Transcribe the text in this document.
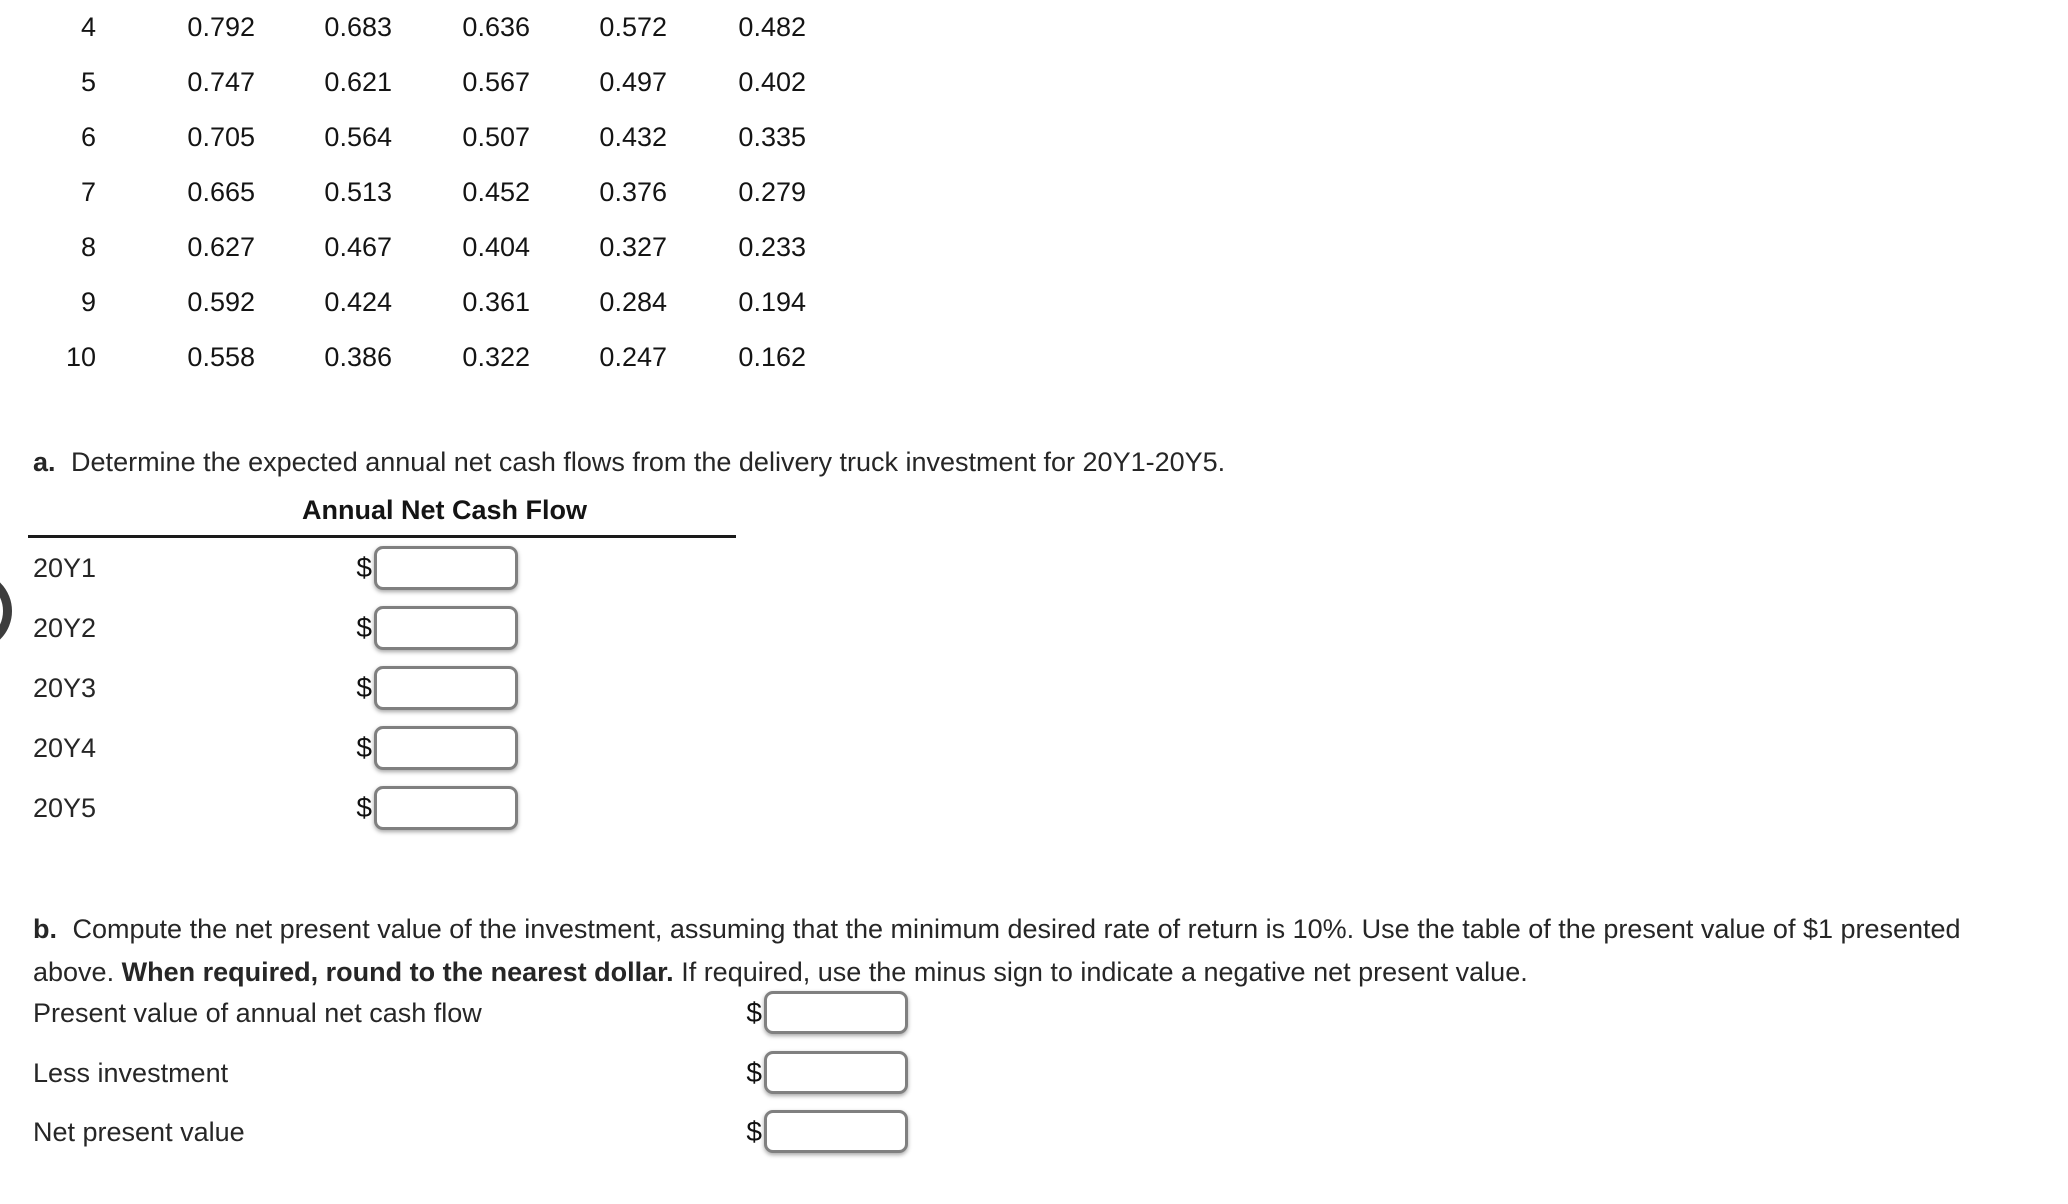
4	0.792	0.683	0.636	0.572	0.482
5	0.747	0.621	0.567	0.497	0.402
6	0.705	0.564	0.507	0.432	0.335
7	0.665	0.513	0.452	0.376	0.279
8	0.627	0.467	0.404	0.327	0.233
9	0.592	0.424	0.361	0.284	0.194
10	0.558	0.386	0.322	0.247	0.162

a. Determine the expected annual net cash flows from the delivery truck investment for 20Y1-20Y5.

Annual Net Cash Flow
20Y1	$
20Y2	$
20Y3	$
20Y4	$
20Y5	$

b. Compute the net present value of the investment, assuming that the minimum desired rate of return is 10%. Use the table of the present value of $1 presented above. When required, round to the nearest dollar. If required, use the minus sign to indicate a negative net present value.

Present value of annual net cash flow	$
Less investment	$
Net present value	$
